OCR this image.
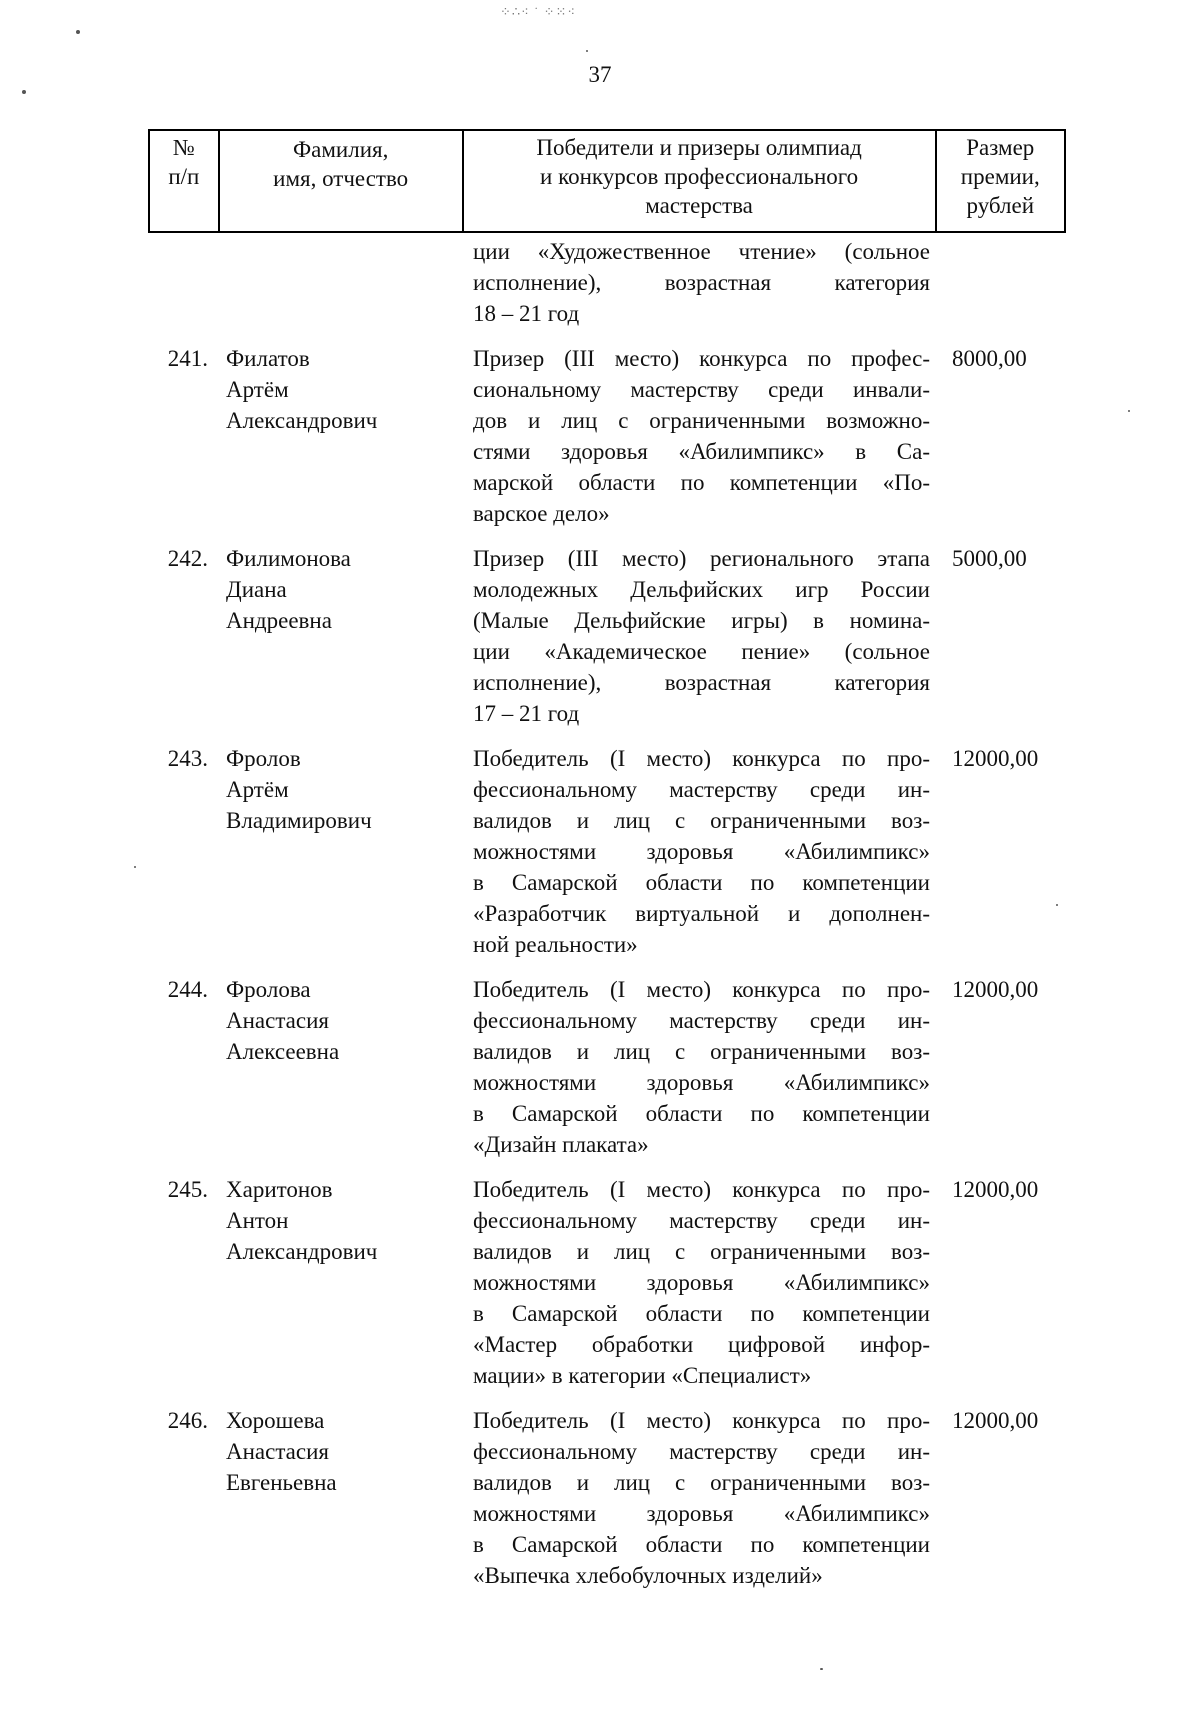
⁘∴⁖ ˙ ⁘⁙⁖
37
№
п/п
Фамилия,
имя, отчество
Победители и призеры олимпиад
и конкурсов профессионального
мастерства
Размер
премии,
рублей
ции «Художественное чтение» (сольное
исполнение), возрастная категория
18 – 21 год
241. Филатов
Артём
Александрович
Призер (III место) конкурса по профес-
сиональному мастерству среди инвали-
дов и лиц с ограниченными возможно-
стями здоровья «Абилимпикс» в Са-
марской области по компетенции «По-
варское дело»
8000,00
242. Филимонова
Диана
Андреевна
Призер (III место) регионального этапа
молодежных Дельфийских игр России
(Малые Дельфийские игры) в номина-
ции «Академическое пение» (сольное
исполнение), возрастная категория
17 – 21 год
5000,00
243. Фролов
Артём
Владимирович
Победитель (I место) конкурса по про-
фессиональному мастерству среди ин-
валидов и лиц с ограниченными воз-
можностями здоровья «Абилимпикс»
в Самарской области по компетенции
«Разработчик виртуальной и дополнен-
ной реальности»
12000,00
244. Фролова
Анастасия
Алексеевна
Победитель (I место) конкурса по про-
фессиональному мастерству среди ин-
валидов и лиц с ограниченными воз-
можностями здоровья «Абилимпикс»
в Самарской области по компетенции
«Дизайн плаката»
12000,00
245. Харитонов
Антон
Александрович
Победитель (I место) конкурса по про-
фессиональному мастерству среди ин-
валидов и лиц с ограниченными воз-
можностями здоровья «Абилимпикс»
в Самарской области по компетенции
«Мастер обработки цифровой инфор-
мации» в категории «Специалист»
12000,00
246. Хорошева
Анастасия
Евгеньевна
Победитель (I место) конкурса по про-
фессиональному мастерству среди ин-
валидов и лиц с ограниченными воз-
можностями здоровья «Абилимпикс»
в Самарской области по компетенции
«Выпечка хлебобулочных изделий»
12000,00
